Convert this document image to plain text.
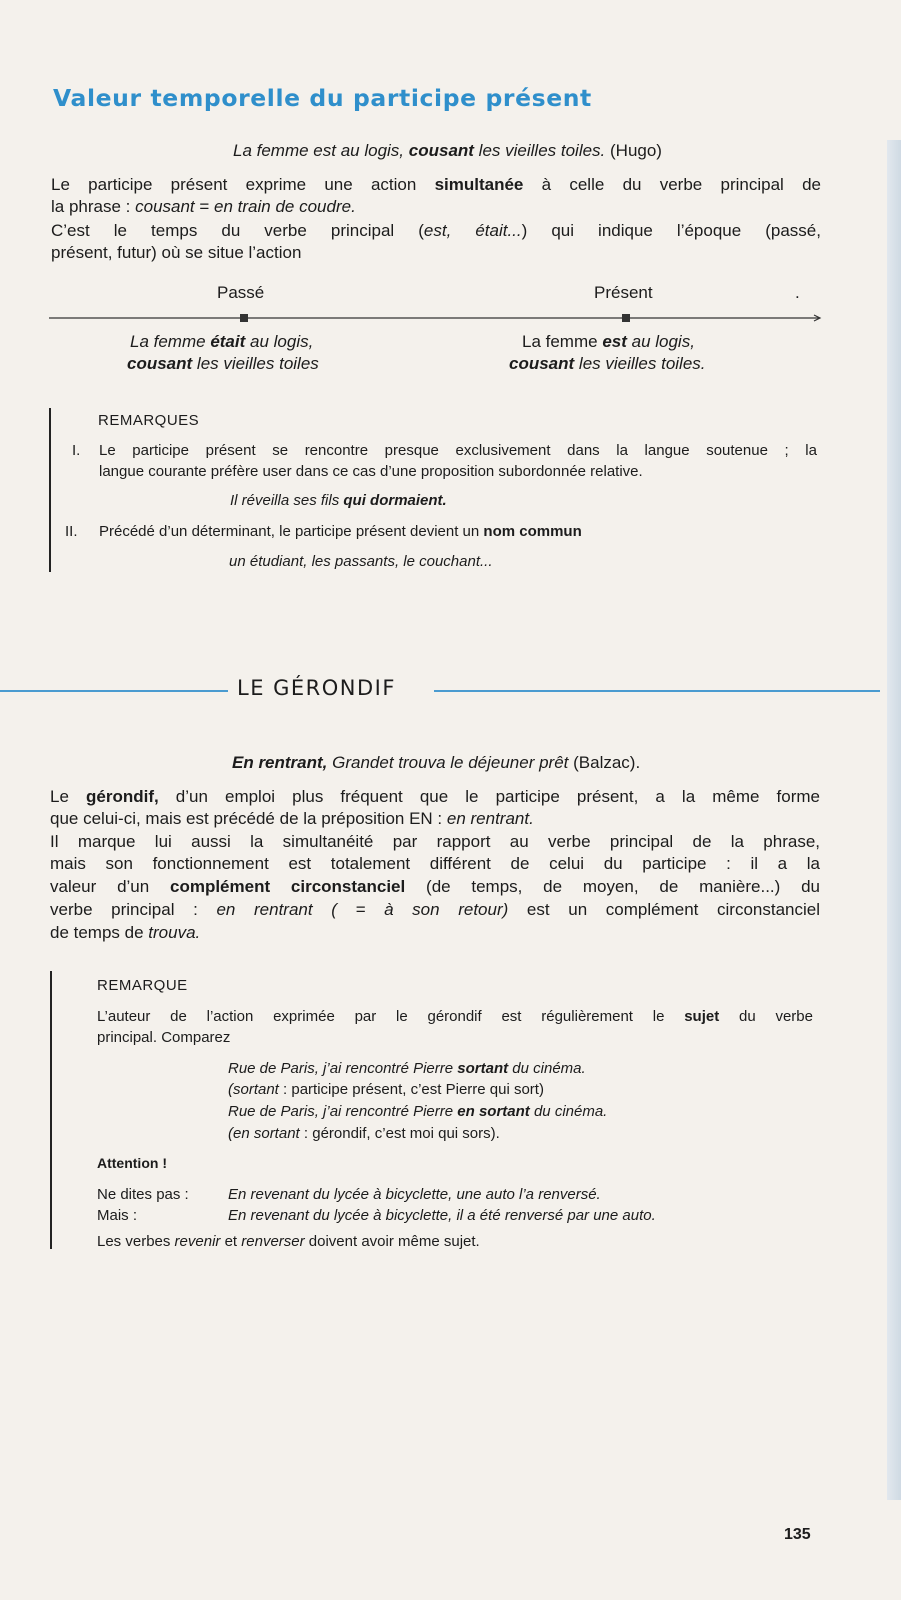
Valeur temporelle du participe présent
La femme est au logis, cousant les vieilles toiles. (Hugo)
Le participe présent exprime une action simultanée à celle du verbe principal de
la phrase : cousant = en train de coudre.
C’est le temps du verbe principal (est, était...) qui indique l’époque (passé,
présent, futur) où se situe l’action
Passé	Présent	.
La femme était au logis,
cousant les vieilles toiles
La femme est au logis,
cousant les vieilles toiles.
REMARQUES
I. Le participe présent se rencontre presque exclusivement dans la langue soutenue ; la
langue courante préfère user dans ce cas d’une proposition subordonnée relative.
Il réveilla ses fils qui dormaient.
II. Précédé d’un déterminant, le participe présent devient un nom commun
un étudiant, les passants, le couchant...
LE GÉRONDIF
En rentrant, Grandet trouva le déjeuner prêt (Balzac).
Le gérondif, d’un emploi plus fréquent que le participe présent, a la même forme
que celui-ci, mais est précédé de la préposition EN : en rentrant.
Il marque lui aussi la simultanéité par rapport au verbe principal de la phrase,
mais son fonctionnement est totalement différent de celui du participe : il a la
valeur d’un complément circonstanciel (de temps, de moyen, de manière...) du
verbe principal : en rentrant ( = à son retour) est un complément circonstanciel
de temps de trouva.
REMARQUE
L’auteur de l’action exprimée par le gérondif est régulièrement le sujet du verbe
principal. Comparez
Rue de Paris, j’ai rencontré Pierre sortant du cinéma.
(sortant : participe présent, c’est Pierre qui sort)
Rue de Paris, j’ai rencontré Pierre en sortant du cinéma.
(en sortant : gérondif, c’est moi qui sors).
Attention !
Ne dites pas :	En revenant du lycée à bicyclette, une auto l’a renversé.
Mais :	En revenant du lycée à bicyclette, il a été renversé par une auto.
Les verbes revenir et renverser doivent avoir même sujet.
135
